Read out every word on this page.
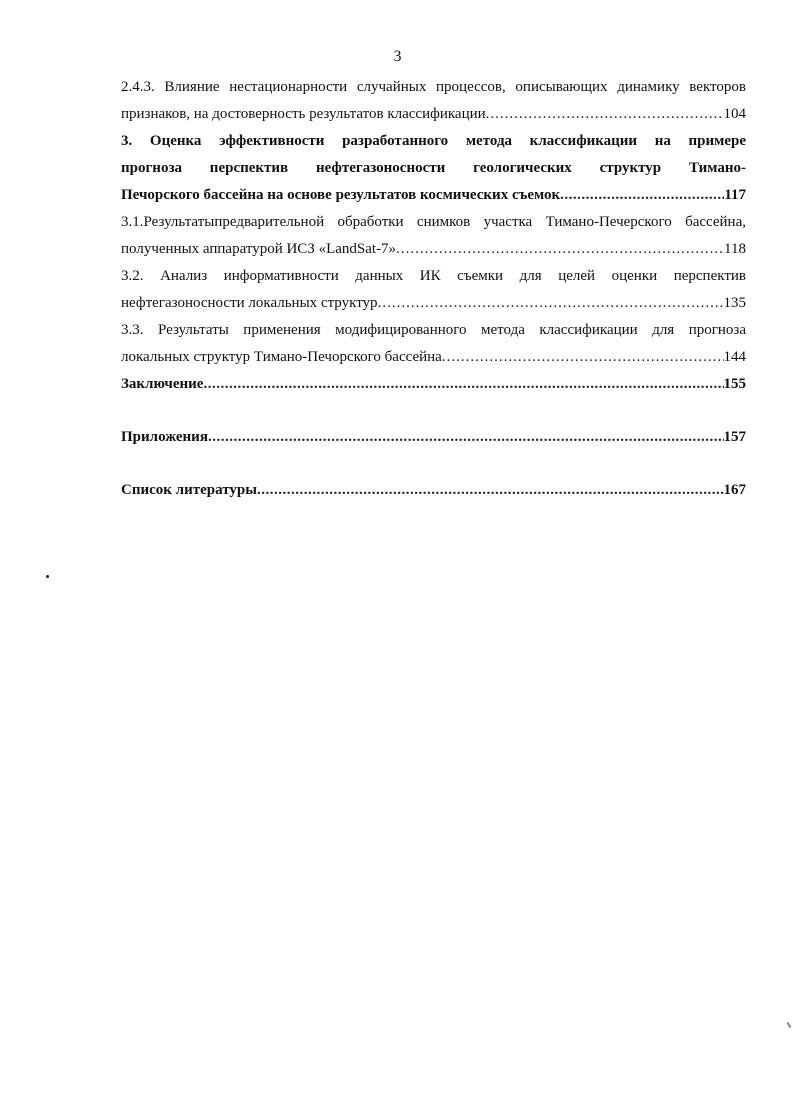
3
2.4.3. Влияние нестационарности случайных процессов, описывающих динамику векторов
признаков, на достоверность результатов классификации .....	104
3. Оценка эффективности разработанного метода классификации на примере
прогноза перспектив нефтегазоносности геологических структур Тимано-
Печорского бассейна на основе результатов космических съемок .....	117
3.1.Результатыпредварительной обработки снимков участка Тимано-Печерского бассейна,
полученных аппаратурой ИСЗ «LandSat-7» .....	118
3.2. Анализ информативности данных ИК съемки для целей оценки перспектив
нефтегазоносности локальных структур .....	135
3.3. Результаты применения модифицированного метода классификации для прогноза
локальных структур Тимано-Печорского бассейна .....	144
Заключение .....	155
Приложения .....	157
Список литературы .....	167
